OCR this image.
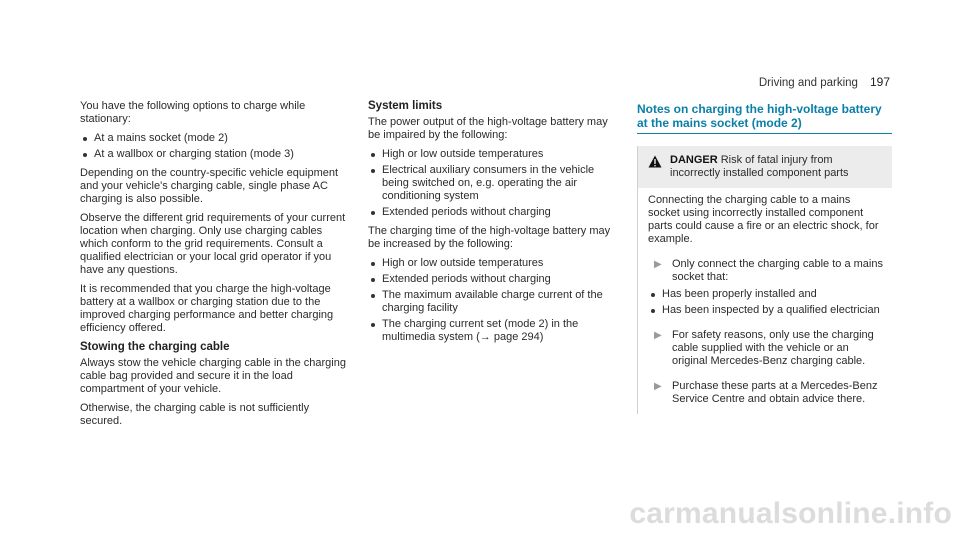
Driving and parking 197

You have the following options to charge while stationary:

At a mains socket (mode 2)
At a wallbox or charging station (mode 3)

Depending on the country-specific vehicle equipment and your vehicle's charging cable, single phase AC charging is also possible.

Observe the different grid requirements of your current location when charging. Only use charging cables which conform to the grid requirements. Consult a qualified electrician or your local grid operator if you have any questions.

It is recommended that you charge the high-voltage battery at a wallbox or charging station due to the improved charging performance and better charging efficiency offered.

Stowing the charging cable

Always stow the vehicle charging cable in the charging cable bag provided and secure it in the load compartment of your vehicle.

Otherwise, the charging cable is not sufficiently secured.

System limits

The power output of the high-voltage battery may be impaired by the following:

High or low outside temperatures
Electrical auxiliary consumers in the vehicle being switched on, e.g. operating the air conditioning system
Extended periods without charging

The charging time of the high-voltage battery may be increased by the following:

High or low outside temperatures
Extended periods without charging
The maximum available charge current of the charging facility
The charging current set (mode 2) in the multimedia system (→ page 294)
Notes on charging the high-voltage battery at the mains socket (mode 2)
DANGER Risk of fatal injury from incorrectly installed component parts

Connecting the charging cable to a mains socket using incorrectly installed component parts could cause a fire or an electric shock, for example.

▶ Only connect the charging cable to a mains socket that:
Has been properly installed and
Has been inspected by a qualified electrician
▶ For safety reasons, only use the charging cable supplied with the vehicle or an original Mercedes-Benz charging cable.
▶ Purchase these parts at a Mercedes-Benz Service Centre and obtain advice there.
carmanualsonline.info
